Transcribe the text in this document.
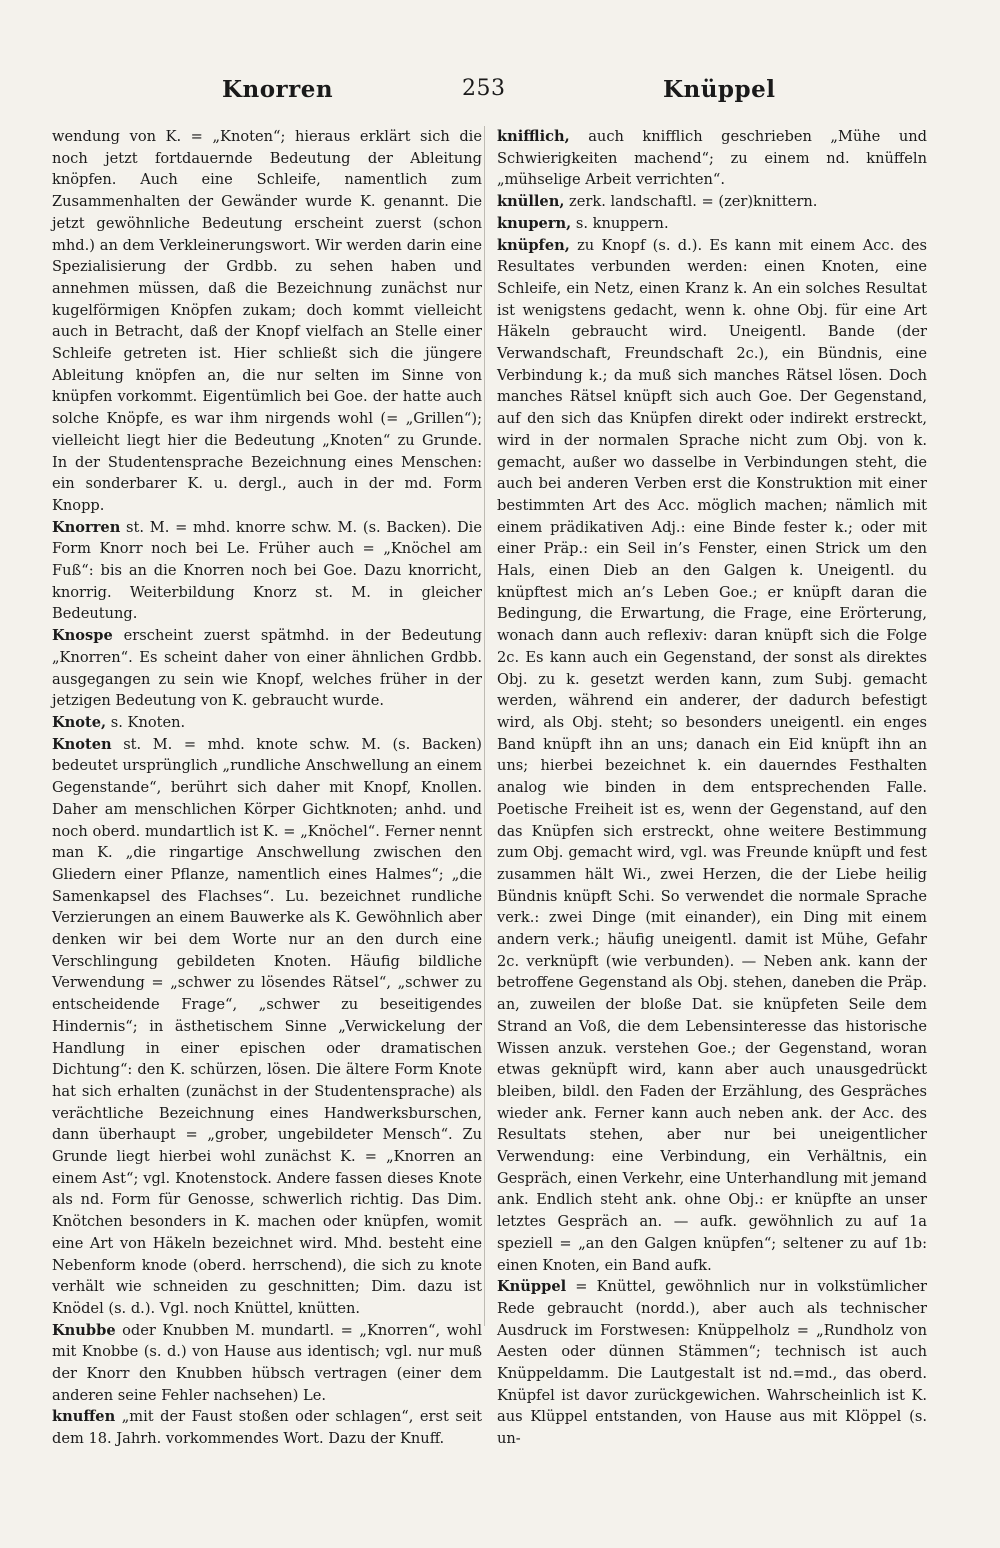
Knorren	253	Knüppel

wendung von K. = „Knoten“; hieraus erklärt sich die noch jetzt fortdauernde Bedeutung der Ableitung knöpfen. Auch eine Schleife, namentlich zum Zusammenhalten der Gewänder wurde K. genannt. Die jetzt gewöhnliche Bedeutung erscheint zuerst (schon mhd.) an dem Verkleinerungswort. Wir werden darin eine Spezialisierung der Grdbb. zu sehen haben und annehmen müssen, daß die Bezeichnung zunächst nur kugelförmigen Knöpfen zukam; doch kommt vielleicht auch in Betracht, daß der Knopf vielfach an Stelle einer Schleife getreten ist. Hier schließt sich die jüngere Ableitung knöpfen an, die nur selten im Sinne von knüpfen vorkommt. Eigentümlich bei Goe. der hatte auch solche Knöpfe, es war ihm nirgends wohl (= „Grillen“); vielleicht liegt hier die Bedeutung „Knoten“ zu Grunde. In der Studentensprache Bezeichnung eines Menschen: ein sonderbarer K. u. dergl., auch in der md. Form Knopp.

Knorren st. M. = mhd. knorre schw. M. (s. Backen). Die Form Knorr noch bei Le. Früher auch = „Knöchel am Fuß“: bis an die Knorren noch bei Goe. Dazu knorricht, knorrig. Weiterbildung Knorz st. M. in gleicher Bedeutung.

Knospe erscheint zuerst spätmhd. in der Bedeutung „Knorren“. Es scheint daher von einer ähnlichen Grdbb. ausgegangen zu sein wie Knopf, welches früher in der jetzigen Bedeutung von K. gebraucht wurde.

Knote, s. Knoten.

Knoten st. M. = mhd. knote schw. M. (s. Backen) bedeutet ursprünglich „rundliche Anschwellung an einem Gegenstande“, berührt sich daher mit Knopf, Knollen. Daher am menschlichen Körper Gichtknoten; anhd. und noch oberd. mundartlich ist K. = „Knöchel“. Ferner nennt man K. „die ringartige Anschwellung zwischen den Gliedern einer Pflanze, namentlich eines Halmes“; „die Samenkapsel des Flachses“. Lu. bezeichnet rundliche Verzierungen an einem Bauwerke als K. Gewöhnlich aber denken wir bei dem Worte nur an den durch eine Verschlingung gebildeten Knoten. Häufig bildliche Verwendung = „schwer zu lösendes Rätsel“, „schwer zu entscheidende Frage“, „schwer zu beseitigendes Hindernis“; in ästhetischem Sinne „Verwickelung der Handlung in einer epischen oder dramatischen Dichtung“: den K. schürzen, lösen. Die ältere Form Knote hat sich erhalten (zunächst in der Studentensprache) als verächtliche Bezeichnung eines Handwerksburschen, dann überhaupt = „grober, ungebildeter Mensch“. Zu Grunde liegt hierbei wohl zunächst K. = „Knorren an einem Ast“; vgl. Knotenstock. Andere fassen dieses Knote als nd. Form für Genosse, schwerlich richtig. Das Dim. Knötchen besonders in K. machen oder knüpfen, womit eine Art von Häkeln bezeichnet wird. Mhd. besteht eine Nebenform knode (oberd. herrschend), die sich zu knote verhält wie schneiden zu geschnitten; Dim. dazu ist Knödel (s. d.). Vgl. noch Knüttel, knütten.

Knubbe oder Knubben M. mundartl. = „Knorren“, wohl mit Knobbe (s. d.) von Hause aus identisch; vgl. nur muß der Knorr den Knubben hübsch vertragen (einer dem anderen seine Fehler nachsehen) Le.

knuffen „mit der Faust stoßen oder schlagen“, erst seit dem 18. Jahrh. vorkommendes Wort. Dazu der Knuff.

knifflich, auch knifflich geschrieben „Mühe und Schwierigkeiten machend“; zu einem nd. knüffeln „mühselige Arbeit verrichten“.

knüllen, zerk. landschaftl. = (zer)knittern.

knupern, s. knuppern.

knüpfen, zu Knopf (s. d.). Es kann mit einem Acc. des Resultates verbunden werden: einen Knoten, eine Schleife, ein Netz, einen Kranz k. An ein solches Resultat ist wenigstens gedacht, wenn k. ohne Obj. für eine Art Häkeln gebraucht wird. Uneigentl. Bande (der Verwandschaft, Freundschaft 2c.), ein Bündnis, eine Verbindung k.; da muß sich manches Rätsel lösen. Doch manches Rätsel knüpft sich auch Goe. Der Gegenstand, auf den sich das Knüpfen direkt oder indirekt erstreckt, wird in der normalen Sprache nicht zum Obj. von k. gemacht, außer wo dasselbe in Verbindungen steht, die auch bei anderen Verben erst die Konstruktion mit einer bestimmten Art des Acc. möglich machen; nämlich mit einem prädikativen Adj.: eine Binde fester k.; oder mit einer Präp.: ein Seil in’s Fenster, einen Strick um den Hals, einen Dieb an den Galgen k. Uneigentl. du knüpftest mich an’s Leben Goe.; er knüpft daran die Bedingung, die Erwartung, die Frage, eine Erörterung, wonach dann auch reflexiv: daran knüpft sich die Folge 2c. Es kann auch ein Gegenstand, der sonst als direktes Obj. zu k. gesetzt werden kann, zum Subj. gemacht werden, während ein anderer, der dadurch befestigt wird, als Obj. steht; so besonders uneigentl. ein enges Band knüpft ihn an uns; danach ein Eid knüpft ihn an uns; hierbei bezeichnet k. ein dauerndes Festhalten analog wie binden in dem entsprechenden Falle. Poetische Freiheit ist es, wenn der Gegenstand, auf den das Knüpfen sich erstreckt, ohne weitere Bestimmung zum Obj. gemacht wird, vgl. was Freunde knüpft und fest zusammen hält Wi., zwei Herzen, die der Liebe heilig Bündnis knüpft Schi. So verwendet die normale Sprache verk.: zwei Dinge (mit einander), ein Ding mit einem andern verk.; häufig uneigentl. damit ist Mühe, Gefahr 2c. verknüpft (wie verbunden). — Neben ank. kann der betroffene Gegenstand als Obj. stehen, daneben die Präp. an, zuweilen der bloße Dat. sie knüpfeten Seile dem Strand an Voß, die dem Lebensinteresse das historische Wissen anzuk. verstehen Goe.; der Gegenstand, woran etwas geknüpft wird, kann aber auch unausgedrückt bleiben, bildl. den Faden der Erzählung, des Gespräches wieder ank. Ferner kann auch neben ank. der Acc. des Resultats stehen, aber nur bei uneigentlicher Verwendung: eine Verbindung, ein Verhältnis, ein Gespräch, einen Verkehr, eine Unterhandlung mit jemand ank. Endlich steht ank. ohne Obj.: er knüpfte an unser letztes Gespräch an. — aufk. gewöhnlich zu auf 1a speziell = „an den Galgen knüpfen“; seltener zu auf 1b: einen Knoten, ein Band aufk.

Knüppel = Knüttel, gewöhnlich nur in volkstümlicher Rede gebraucht (nordd.), aber auch als technischer Ausdruck im Forstwesen: Knüppelholz = „Rundholz von Aesten oder dünnen Stämmen“; technisch ist auch Knüppeldamm. Die Lautgestalt ist nd.=md., das oberd. Knüpfel ist davor zurückgewichen. Wahrscheinlich ist K. aus Klüppel entstanden, von Hause aus mit Klöppel (s. un-
